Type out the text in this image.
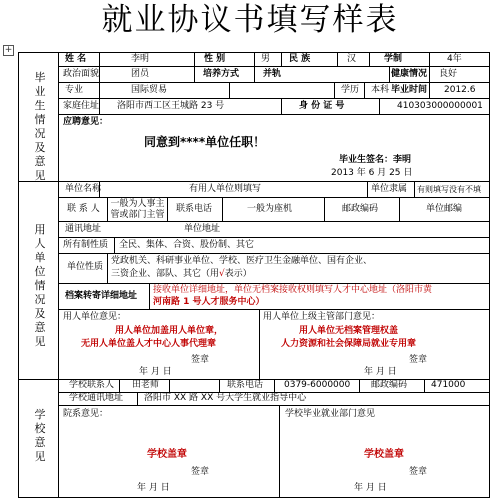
就业协议书填写样表
+
毕
业
生
情
况
及
意
见
用
人
单
位
情
况
及
意
见
学
校
意
见
姓 名	李明	性 别	男 民 族	汉	学制	4年
政治面貌	团员	培养方式	并轨	健康情况 良好
专业	国际贸易	学历 本科 毕业时间 2012.6
家庭住址 洛阳市西工区王城路 23 号	身 份 证 号	410303000000001
应聘意见：
同意到****单位任职！
毕业生签名：李明
2013 年 6 月 25 日
单位名称	有用人单位则填写	单位隶属 有则填写没有不填
联 系 人 一般为人事主管或部门主管
联系电话	一般为座机	邮政编码	单位邮编
通讯地址	单位地址
所有制性质 全民、集体、合资、股份制、其它
单位性质
党政机关、科研事业单位、学校、医疗卫生金融单位、国有企业、
三资企业、部队、其它（用√表示）
档案转寄详细地址
接收单位详细地址，单位无档案接收权则填写人才中心地址（洛阳市黄
河南路 1 号人才服务中心）
用人单位意见：
用人单位加盖用人单位章，
无用人单位盖人才中心人事代理章
签章
年 月 日
用人单位上级主管部门意见：
用人单位无档案管理权盖
人力资源和社会保障局就业专用章
签章
年 月 日
学校联系人 田老师	联系电话 0379-6000000 邮政编码	471000
学校通讯地址 洛阳市 XX 路 XX 号大学生就业指导中心
院系意见：
学校盖章
签章
年 月 日
学校毕业就业部门意见
学校盖章
签章
年 月 日
